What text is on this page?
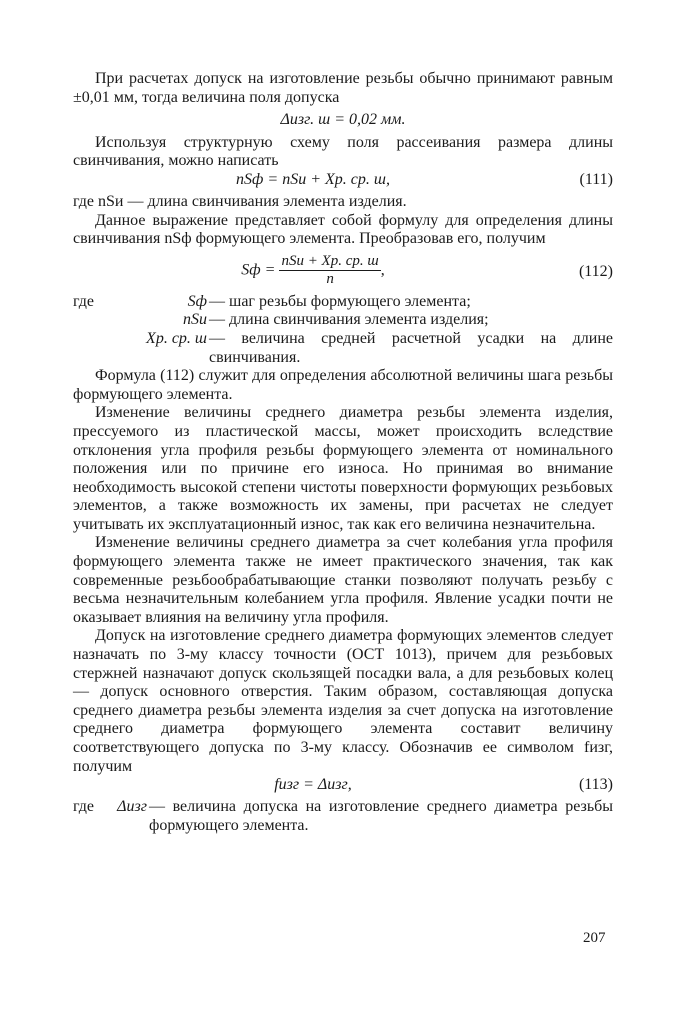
При расчетах допуск на изготовление резьбы обычно принимают равным ±0,01 мм, тогда величина поля допуска

Δизг. ш = 0,02 мм.

Используя структурную схему поля рассеивания размера длины свинчивания, можно написать

nSф = nSи + Xр. ср. ш,	(111)

где nSи — длина свинчивания элемента изделия.

Данное выражение представляет собой формулу для определения длины свинчивания nSф формующего элемента. Преобразовав его, получим

Sф = $\frac{\text{nSи + Xр. ср. ш}}{n}$ ,	(112)
где	Sф — шаг резьбы формующего элемента;
nSи — длина свинчивания элемента изделия;
Xр. ср. ш — величина средней расчетной усадки на длине свинчивания.

Формула (112) служит для определения абсолютной величины шага резьбы формующего элемента.

Изменение величины среднего диаметра резьбы элемента изделия, прессуемого из пластической массы, может происходить вследствие отклонения угла профиля резьбы формующего элемента от номинального положения или по причине его износа. Но принимая во внимание необходимость высокой степени чистоты поверхности формующих резьбовых элементов, а также возможность их замены, при расчетах не следует учитывать их эксплуатационный износ, так как его величина незначительна.

Изменение величины среднего диаметра за счет колебания угла профиля формующего элемента также не имеет практического значения, так как современные резьбообрабатывающие станки позволяют получать резьбу с весьма незначительным колебанием угла профиля. Явление усадки почти не оказывает влияния на величину угла профиля.

Допуск на изготовление среднего диаметра формующих элементов следует назначать по 3-му классу точности (ОСТ 1013), причем для резьбовых стержней назначают допуск скользящей посадки вала, а для резьбовых колец — допуск основного отверстия. Таким образом, составляющая допуска среднего диаметра резьбы элемента изделия за счет допуска на изготовление среднего диаметра формующего элемента составит величину соответствующего допуска по 3-му классу. Обозначив ее символом fизг, получим

fизг = Δизг,	(113)
где	Δизг — величина допуска на изготовление среднего диаметра резьбы формующего элемента.
207
